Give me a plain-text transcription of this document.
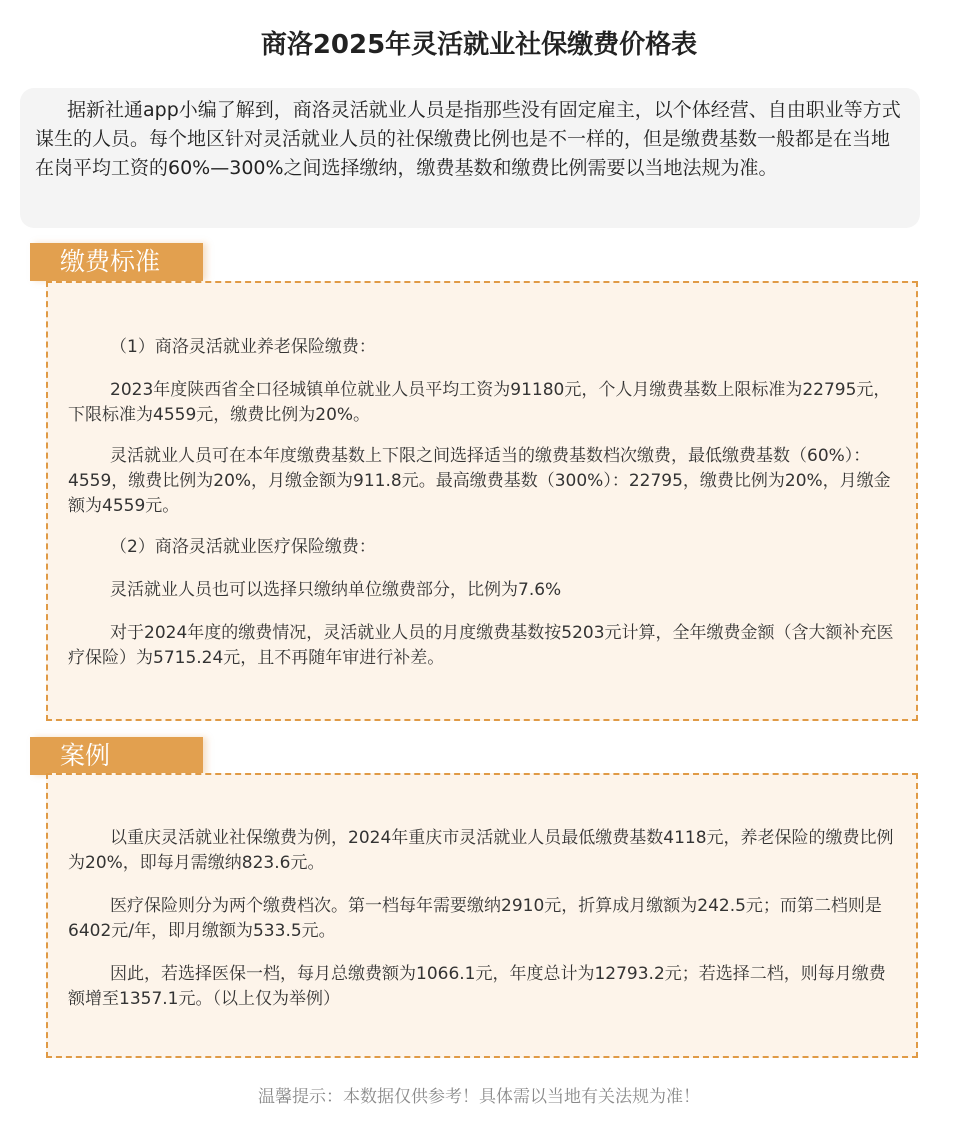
商洛2025年灵活就业社保缴费价格表
据新社通app小编了解到，商洛灵活就业人员是指那些没有固定雇主，以个体经营、自由职业等方式谋生的人员。每个地区针对灵活就业人员的社保缴费比例也是不一样的，但是缴费基数一般都是在当地在岗平均工资的60%—300%之间选择缴纳，缴费基数和缴费比例需要以当地法规为准。
缴费标准

（1）商洛灵活就业养老保险缴费：

2023年度陕西省全口径城镇单位就业人员平均工资为91180元，个人月缴费基数上限标准为22795元，下限标准为4559元，缴费比例为20%。

灵活就业人员可在本年度缴费基数上下限之间选择适当的缴费基数档次缴费，最低缴费基数（60%）：4559，缴费比例为20%，月缴金额为911.8元。最高缴费基数（300%）：22795，缴费比例为20%，月缴金额为4559元。

（2）商洛灵活就业医疗保险缴费：

灵活就业人员也可以选择只缴纳单位缴费部分，比例为7.6%

对于2024年度的缴费情况，灵活就业人员的月度缴费基数按5203元计算，全年缴费金额（含大额补充医疗保险）为5715.24元，且不再随年审进行补差。

案例

以重庆灵活就业社保缴费为例，2024年重庆市灵活就业人员最低缴费基数4118元，养老保险的缴费比例为20%，即每月需缴纳823.6元。

医疗保险则分为两个缴费档次。第一档每年需要缴纳2910元，折算成月缴额为242.5元；而第二档则是6402元/年，即月缴额为533.5元。

因此，若选择医保一档，每月总缴费额为1066.1元，年度总计为12793.2元；若选择二档，则每月缴费额增至1357.1元。（以上仅为举例）

温馨提示：本数据仅供参考！具体需以当地有关法规为准！
